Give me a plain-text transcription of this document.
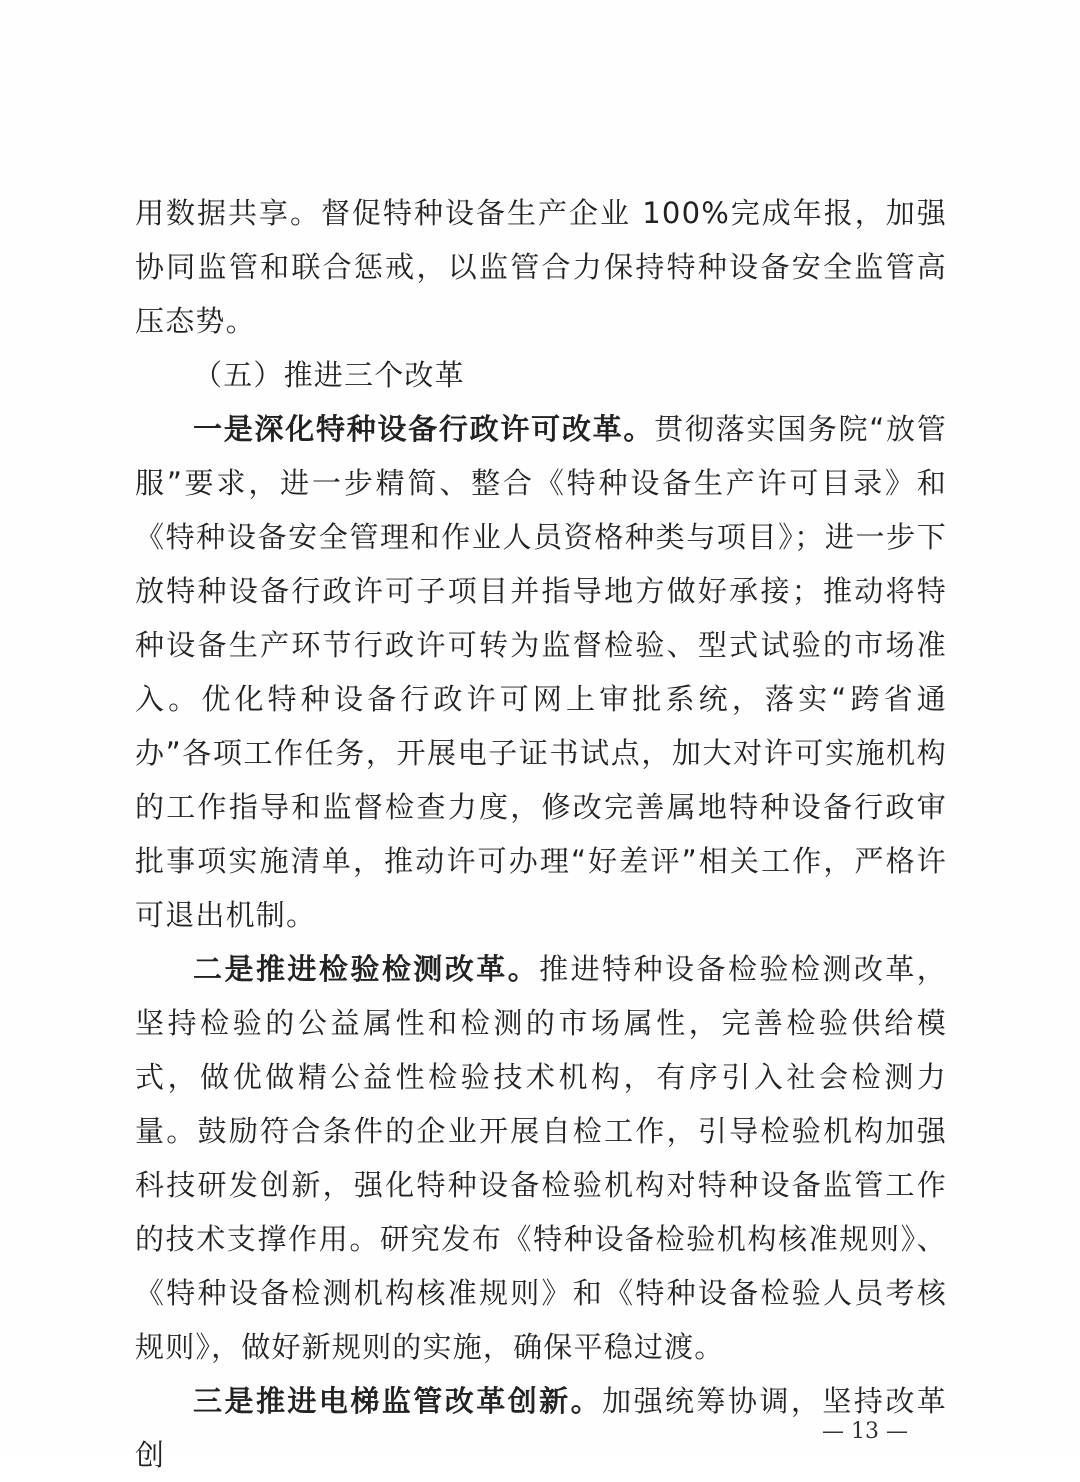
用数据共享。督促特种设备生产企业 100%完成年报，加强协同监管和联合惩戒，以监管合力保持特种设备安全监管高压态势。

（五）推进三个改革

一是深化特种设备行政许可改革。贯彻落实国务院“放管服”要求，进一步精简、整合《特种设备生产许可目录》和《特种设备安全管理和作业人员资格种类与项目》；进一步下放特种设备行政许可子项目并指导地方做好承接；推动将特种设备生产环节行政许可转为监督检验、型式试验的市场准入。优化特种设备行政许可网上审批系统，落实“跨省通办”各项工作任务，开展电子证书试点，加大对许可实施机构的工作指导和监督检查力度，修改完善属地特种设备行政审批事项实施清单，推动许可办理“好差评”相关工作，严格许可退出机制。

二是推进检验检测改革。推进特种设备检验检测改革，坚持检验的公益属性和检测的市场属性，完善检验供给模式，做优做精公益性检验技术机构，有序引入社会检测力量。鼓励符合条件的企业开展自检工作，引导检验机构加强科技研发创新，强化特种设备检验机构对特种设备监管工作的技术支撑作用。研究发布《特种设备检验机构核准规则》、《特种设备检测机构核准规则》和《特种设备检验人员考核规则》，做好新规则的实施，确保平稳过渡。

三是推进电梯监管改革创新。加强统筹协调，坚持改革创

— 13 —
